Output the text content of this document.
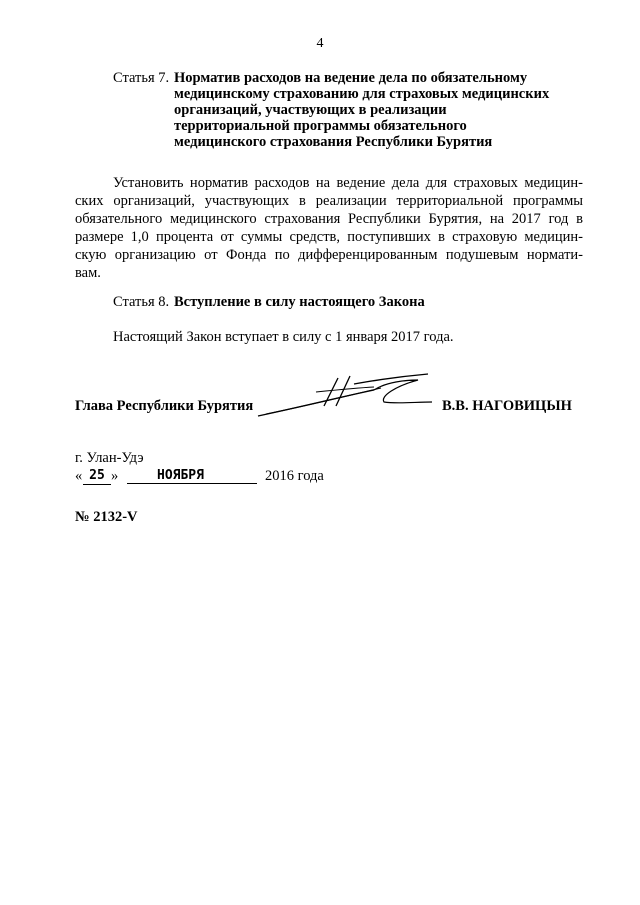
4
Статья 7. Норматив расходов на ведение дела по обязательному
медицинскому страхованию для страховых медицинских
организаций, участвующих в реализации
территориальной программы обязательного
медицинского страхования Республики Бурятия
Установить норматив расходов на ведение дела для страховых медицин-
ских организаций, участвующих в реализации территориальной программы
обязательного медицинского страхования Республики Бурятия, на 2017 год в
размере 1,0 процента от суммы средств, поступивших в страховую медицин-
скую организацию от Фонда по дифференцированным подушевым нормати-
вам.
Статья 8. Вступление в силу настоящего Закона
Настоящий Закон вступает в силу с 1 января 2017 года.
Глава Республики Бурятия	В.В. НАГОВИЦЫН
г. Улан-Удэ
« 25 »	НОЯБРЯ	2016 года
№ 2132-V
